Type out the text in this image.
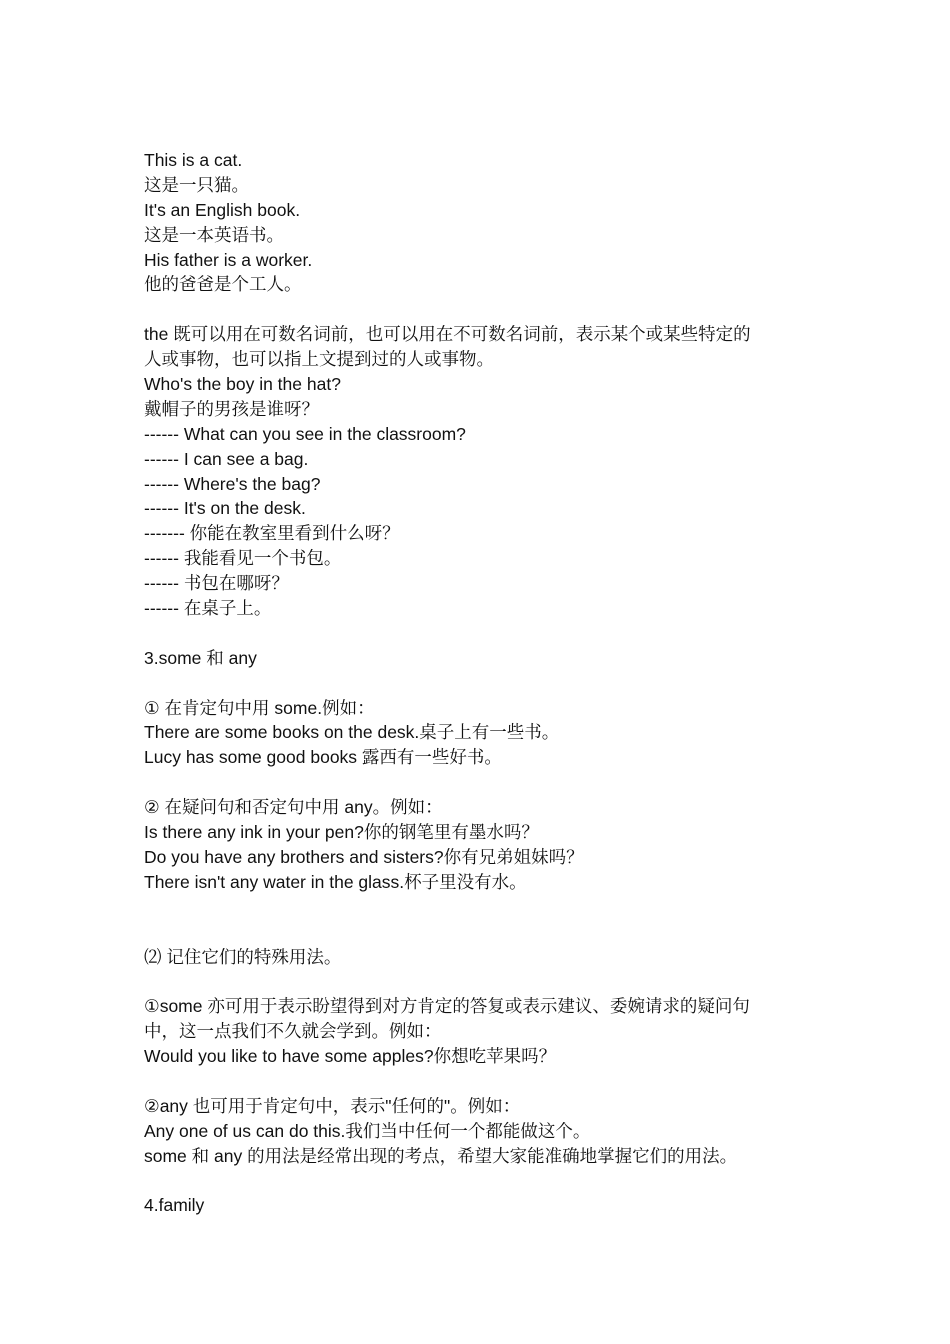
This is a cat.
这是一只猫。
It's an English book.
这是一本英语书。
His father is a worker.
他的爸爸是个工人。
the 既可以用在可数名词前，也可以用在不可数名词前，表示某个或某些特定的
人或事物，也可以指上文提到过的人或事物。
Who's the boy in the hat?
戴帽子的男孩是谁呀？
------ What can you see in the classroom?
------ I can see a bag.
------ Where's the bag?
------ It's on the desk.
------- 你能在教室里看到什么呀？
------ 我能看见一个书包。
------ 书包在哪呀？
------ 在桌子上。
3.some 和 any
① 在肯定句中用 some.例如：
There are some books on the desk.桌子上有一些书。
Lucy has some good books 露西有一些好书。
② 在疑问句和否定句中用 any。例如：
Is there any ink in your pen?你的钢笔里有墨水吗？
Do you have any brothers and sisters?你有兄弟姐妹吗？
There isn't any water in the glass.杯子里没有水。
⑵ 记住它们的特殊用法。
①some 亦可用于表示盼望得到对方肯定的答复或表示建议、委婉请求的疑问句
中，这一点我们不久就会学到。例如：
Would you like to have some apples?你想吃苹果吗？
②any 也可用于肯定句中，表示"任何的"。例如：
Any one of us can do this.我们当中任何一个都能做这个。
some 和 any 的用法是经常出现的考点，希望大家能准确地掌握它们的用法。
4.family
